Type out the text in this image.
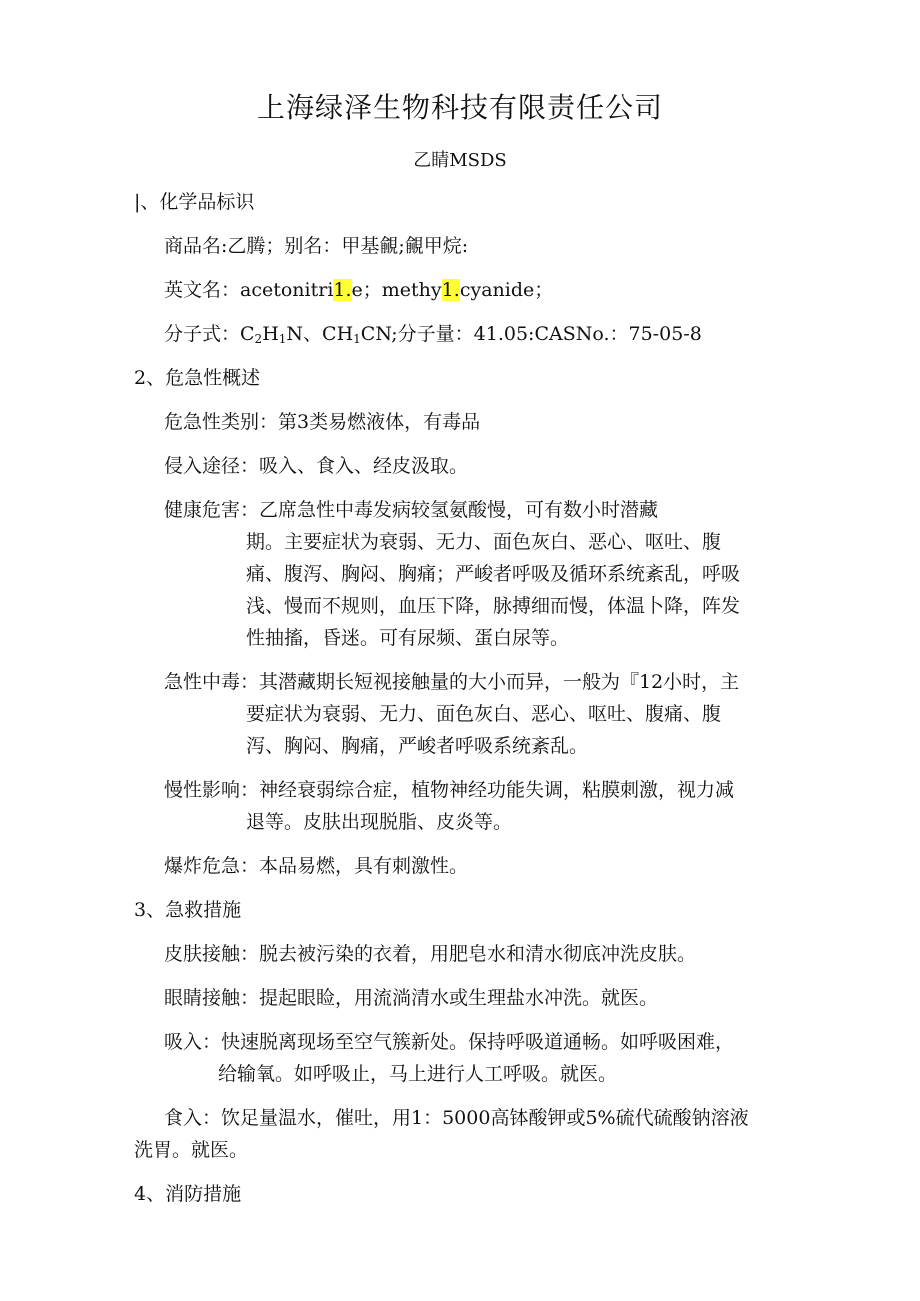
上海绿泽生物科技有限责任公司
乙睛MSDS
|、化学品标识
商品名:乙腾；别名：甲基覦;覦甲烷:
英文名：acetonitri1.e；methy1.cyanide；
分子式：$C_2H_1N$、$CH_1CN$;分子量：41.05:CASNo.：75-05-8
2、危急性概述
危急性类别：第3类易燃液体，有毒品
侵入途径：吸入、食入、经皮汲取。
健康危害：乙席急性中毒发病较氢氨酸慢，可有数小时潜藏
期。主要症状为衰弱、无力、面色灰白、恶心、呕吐、腹
痛、腹泻、胸闷、胸痛；严峻者呼吸及循环系统紊乱，呼吸
浅、慢而不规则，血压下降，脉搏细而慢，体温卜降，阵发
性抽搐，昏迷。可有尿频、蛋白尿等。
急性中毒：其潜藏期长短视接触量的大小而异，一般为『12小时，主
要症状为衰弱、无力、面色灰白、恶心、呕吐、腹痛、腹
泻、胸闷、胸痛，严峻者呼吸系统紊乱。
慢性影响：神经衰弱综合症，植物神经功能失调，粘膜刺激，视力减
退等。皮肤出现脱脂、皮炎等。
爆炸危急：本品易燃，具有刺激性。
3、急救措施
皮肤接触：脱去被污染的衣着，用肥皂水和清水彻底冲洗皮肤。
眼睛接触：提起眼睑，用流淌清水或生理盐水冲洗。就医。
吸入：快速脱离现场至空气簇新处。保持呼吸道通畅。如呼吸困难，
给输氧。如呼吸止，马上进行人工呼吸。就医。
食入：饮足量温水，催吐，用1：5000高钵酸钾或5%硫代硫酸钠溶液
洗胃。就医。
4、消防措施
